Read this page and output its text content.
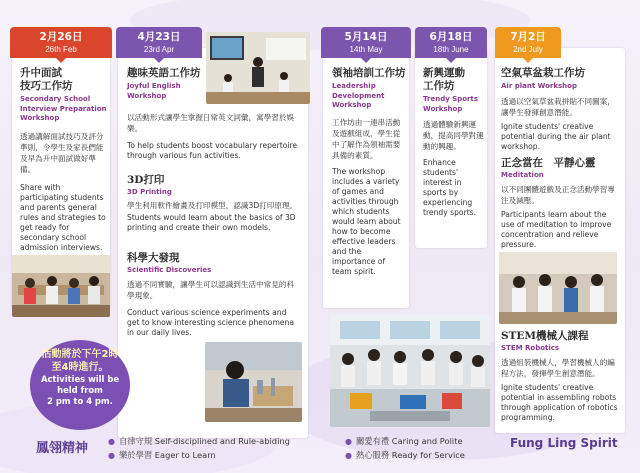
2月26日
26th Feb
升中面試
技巧工作坊
Secondary School Interview Preparation Workshop
透過講解面試技巧及評分準則，令學生及家長們能及早為升中面試做好準備。
Share with participating students and parents general rules and strategies to get ready for secondary school admission interviews.
活動將於下午2時
至4時進行。
Activities will be
held from
2 pm to 4 pm.
4月23日
23rd Apr
趣味英語工作坊
Joyful English Workshop
以活動形式讓學生掌握日常英文詞彙，寓學習於娛樂。
To help students boost vocabulary repertoire through various fun activities.
3D打印
3D Printing
學生利用軟件繪畫及打印模型，認識3D打印原理。
Students would learn about the basics of 3D printing and create their own models.
科學大發現
Scientific Discoveries
透過不同實驗，讓學生可以認識到生活中常見的科學現象。
Conduct various science experiments and get to know interesting science phenomena in our daily lives.
5月14日
14th May
領袖培訓工作坊
Leadership Development Workshop
工作坊由一連串活動及遊戲組成，學生從中了解作為領袖需要具備的素質。
The workshop includes a variety of games and activities through which students would learn about how to become effective leaders and the importance of team spirit.
6月18日
18th June
新興運動
工作坊
Trendy Sports Workshop
透過體驗新興運動，提高同學對運動的興趣。
Enhance students' interest in sports by experiencing trendy sports.
7月2日
2nd July
空氣草盆栽工作坊
Air plant Workshop
透過以空氣草盆栽拼貼不同圖案，讓學生發揮創意潛能。
Ignite students' creative potential during the air plant workshop.
正念當在　平靜心靈
Meditation
以不同團體遊戲及正念活動學習專注及減壓。
Participants learn about the use of meditation to improve concentration and relieve pressure.
STEM機械人課程
STEM Robotics
透過組裝機械人，學習機械人的編程方法，發揮學生創意潛能。
Ignite students' creative potential in assembling robots through application of robotics programming.
鳳翎精神 ● 自律守規 Self-disciplined and Rule-abiding
● 樂於學習 Eager to Learn
● 關愛有禮 Caring and Polite
● 熱心服務 Ready for Service
Fung Ling Spirit
